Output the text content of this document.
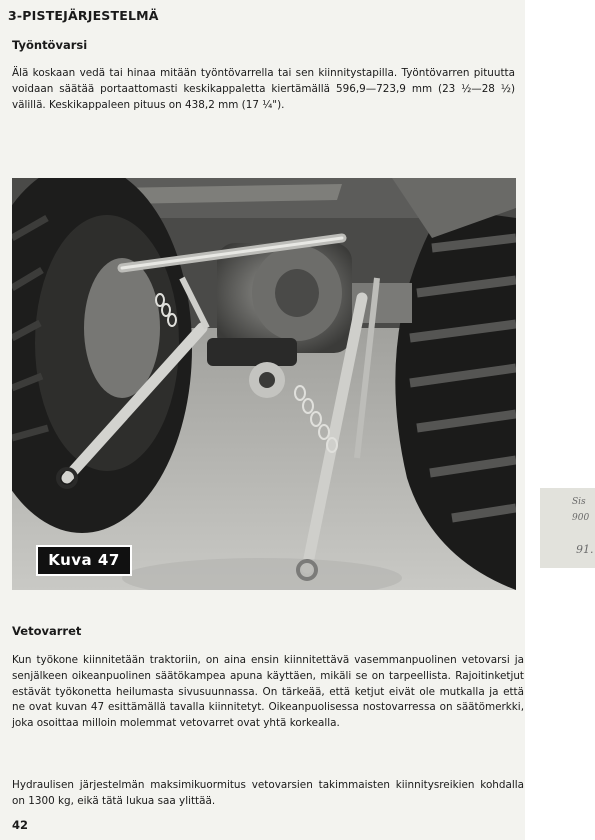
Sis
900
91.
3-PISTEJÄRJESTELMÄ
Työntövarsi

Älä koskaan vedä tai hinaa mitään työntövarrella tai sen kiinnitystapilla. Työntövarren pituutta voidaan säätää portaattomasti keskikappaletta kiertämällä 596,9—723,9 mm (23 ½—28 ½) välillä. Keskikappaleen pituus on 438,2 mm (17 ¼").

Kuva 47
Vetovarret

Kun työkone kiinnitetään traktoriin, on aina ensin kiinnitettävä vasemmanpuolinen vetovarsi ja senjälkeen oikeanpuolinen säätökampea apuna käyttäen, mikäli se on tarpeellista. Rajoitinketjut estävät työkonetta heilumasta sivusuunnassa. On tärkeää, että ketjut eivät ole mutkalla ja että ne ovat kuvan 47 esittämällä tavalla kiinnitetyt. Oikeanpuolisessa nostovarressa on säätömerkki, joka osoittaa milloin molemmat vetovarret ovat yhtä korkealla.

Hydraulisen järjestelmän maksimikuormitus vetovarsien takimmaisten kiinnitysreikien kohdalla on 1300 kg, eikä tätä lukua saa ylittää.

42
